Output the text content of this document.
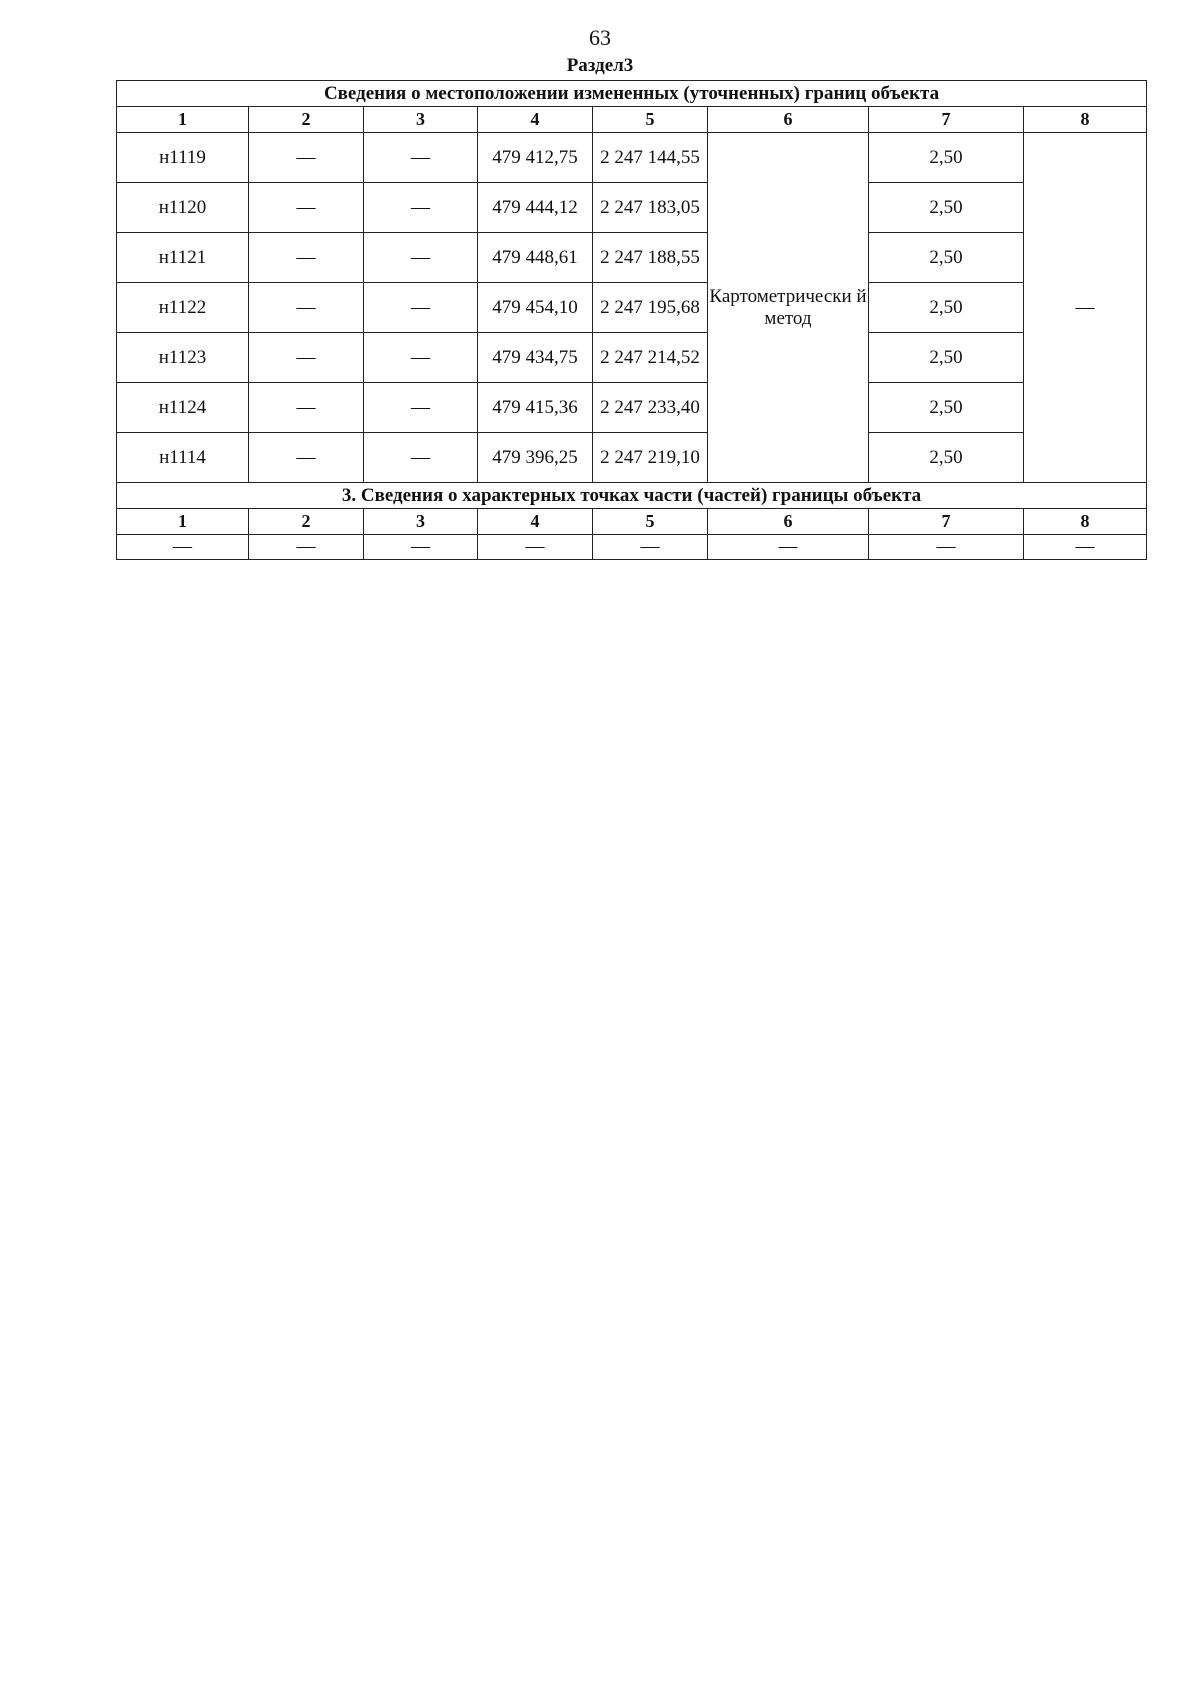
63
Раздел3
Сведения о местоположении измененных (уточненных) границ объекта							
1	2	3	4	5	6	7	8
н1119	—	—	479 412,75	2 247 144,55	Картометрически й метод	2,50	—
н1120	—	—	479 444,12	2 247 183,05		2,50	
н1121	—	—	479 448,61	2 247 188,55		2,50	
н1122	—	—	479 454,10	2 247 195,68		2,50	
н1123	—	—	479 434,75	2 247 214,52		2,50	
н1124	—	—	479 415,36	2 247 233,40		2,50	
н1114	—	—	479 396,25	2 247 219,10		2,50	
3. Сведения о характерных точках части (частей) границы объекта							
1	2	3	4	5	6	7	8
—	—	—	—	—	—	—	—
